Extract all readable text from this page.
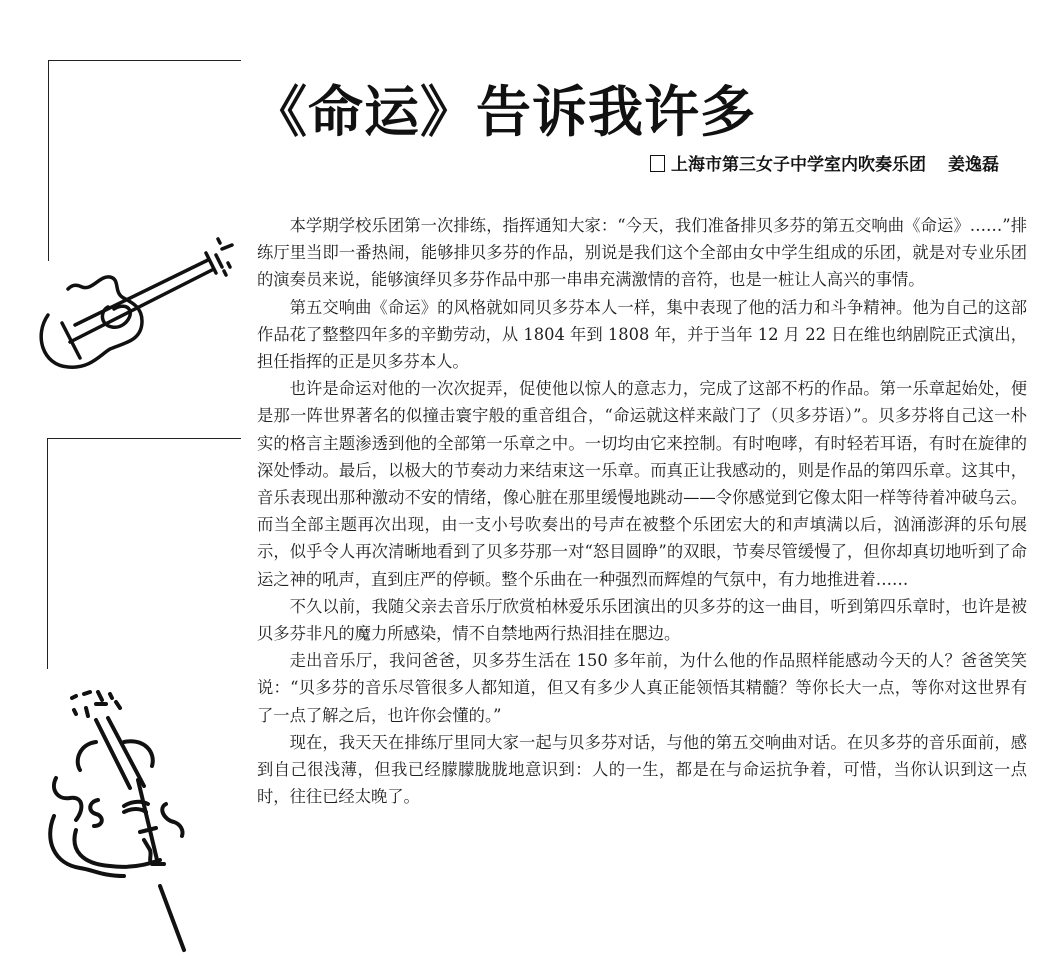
《命运》告诉我许多
上海市第三女子中学室内吹奏乐团 姜逸磊

本学期学校乐团第一次排练，指挥通知大家：“今天，我们准备排贝多芬的第五交响曲《命运》……”排练厅里当即一番热闹，能够排贝多芬的作品，别说是我们这个全部由女中学生组成的乐团，就是对专业乐团的演奏员来说，能够演绎贝多芬作品中那一串串充满激情的音符，也是一桩让人高兴的事情。

第五交响曲《命运》的风格就如同贝多芬本人一样，集中表现了他的活力和斗争精神。他为自己的这部作品花了整整四年多的辛勤劳动，从 1804 年到 1808 年，并于当年 12 月 22 日在维也纳剧院正式演出，担任指挥的正是贝多芬本人。

也许是命运对他的一次次捉弄，促使他以惊人的意志力，完成了这部不朽的作品。第一乐章起始处，便是那一阵世界著名的似撞击寰宇般的重音组合，“命运就这样来敲门了（贝多芬语）”。贝多芬将自己这一朴实的格言主题渗透到他的全部第一乐章之中。一切均由它来控制。有时咆哮，有时轻若耳语，有时在旋律的深处悸动。最后，以极大的节奏动力来结束这一乐章。而真正让我感动的，则是作品的第四乐章。这其中，音乐表现出那种激动不安的情绪，像心脏在那里缓慢地跳动——令你感觉到它像太阳一样等待着冲破乌云。而当全部主题再次出现，由一支小号吹奏出的号声在被整个乐团宏大的和声填满以后，汹涌澎湃的乐句展示，似乎令人再次清晰地看到了贝多芬那一对“怒目圆睁”的双眼，节奏尽管缓慢了，但你却真切地听到了命运之神的吼声，直到庄严的停顿。整个乐曲在一种强烈而辉煌的气氛中，有力地推进着……

不久以前，我随父亲去音乐厅欣赏柏林爱乐乐团演出的贝多芬的这一曲目，听到第四乐章时，也许是被贝多芬非凡的魔力所感染，情不自禁地两行热泪挂在腮边。

走出音乐厅，我问爸爸，贝多芬生活在 150 多年前，为什么他的作品照样能感动今天的人？爸爸笑笑说：“贝多芬的音乐尽管很多人都知道，但又有多少人真正能领悟其精髓？等你长大一点，等你对这世界有了一点了解之后，也许你会懂的。”

现在，我天天在排练厅里同大家一起与贝多芬对话，与他的第五交响曲对话。在贝多芬的音乐面前，感到自己很浅薄，但我已经朦朦胧胧地意识到：人的一生，都是在与命运抗争着，可惜，当你认识到这一点时，往往已经太晚了。
